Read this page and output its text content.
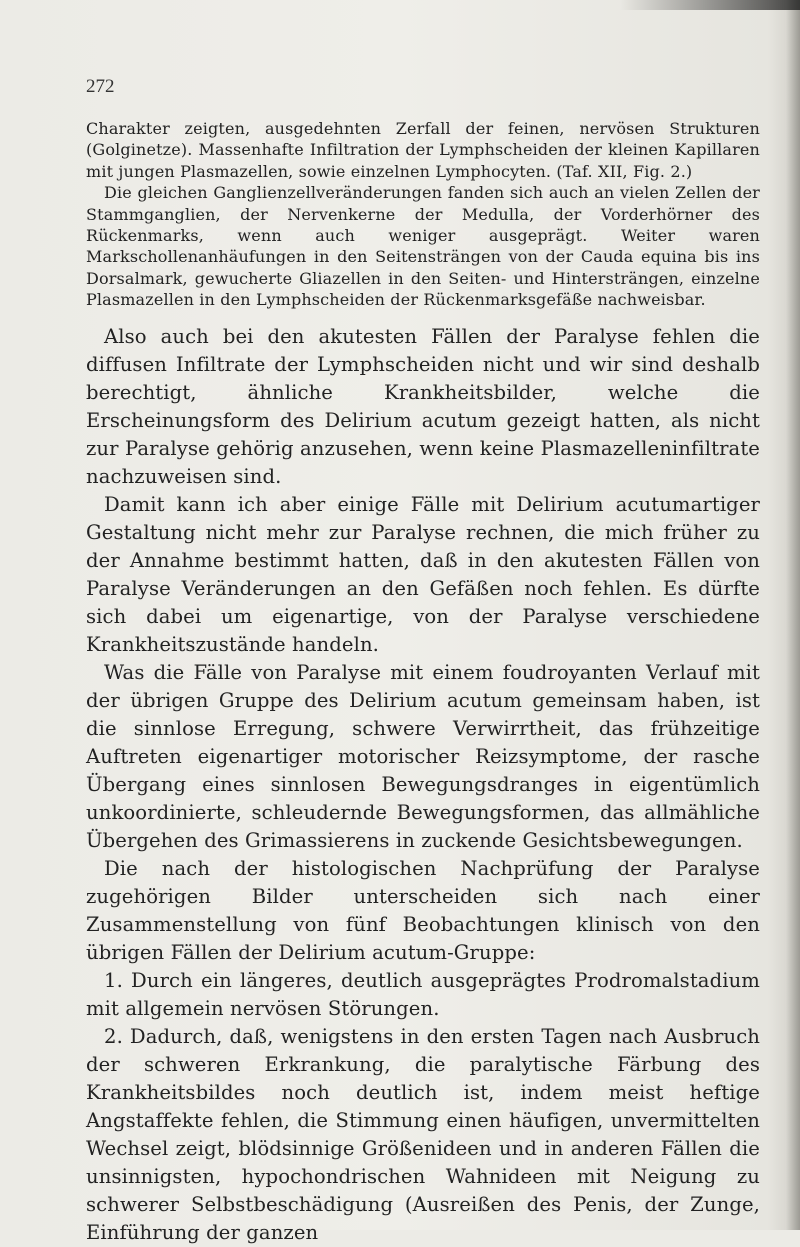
272

Charakter zeigten, ausgedehnten Zerfall der feinen, nervösen Strukturen (Golginetze). Massenhafte Infiltration der Lymphscheiden der kleinen Kapillaren mit jungen Plasmazellen, sowie einzelnen Lymphocyten. (Taf. XII, Fig. 2.)

Die gleichen Ganglienzellveränderungen fanden sich auch an vielen Zellen der Stammganglien, der Nervenkerne der Medulla, der Vorderhörner des Rückenmarks, wenn auch weniger ausgeprägt. Weiter waren Markschollenanhäufungen in den Seitensträngen von der Cauda equina bis ins Dorsalmark, gewucherte Gliazellen in den Seiten- und Hintersträngen, einzelne Plasmazellen in den Lymphscheiden der Rückenmarksgefäße nachweisbar.

Also auch bei den akutesten Fällen der Paralyse fehlen die diffusen Infiltrate der Lymphscheiden nicht und wir sind deshalb berechtigt, ähnliche Krankheitsbilder, welche die Erscheinungsform des Delirium acutum gezeigt hatten, als nicht zur Paralyse gehörig anzusehen, wenn keine Plasmazelleninfiltrate nachzuweisen sind.

Damit kann ich aber einige Fälle mit Delirium acutumartiger Gestaltung nicht mehr zur Paralyse rechnen, die mich früher zu der Annahme bestimmt hatten, daß in den akutesten Fällen von Paralyse Veränderungen an den Gefäßen noch fehlen. Es dürfte sich dabei um eigenartige, von der Paralyse verschiedene Krankheitszustände handeln.

Was die Fälle von Paralyse mit einem foudroyanten Verlauf mit der übrigen Gruppe des Delirium acutum gemeinsam haben, ist die sinnlose Erregung, schwere Verwirrtheit, das frühzeitige Auftreten eigenartiger motorischer Reizsymptome, der rasche Übergang eines sinnlosen Bewegungsdranges in eigentümlich unkoordinierte, schleudernde Bewegungsformen, das allmähliche Übergehen des Grimassierens in zuckende Gesichtsbewegungen.

Die nach der histologischen Nachprüfung der Paralyse zugehörigen Bilder unterscheiden sich nach einer Zusammenstellung von fünf Beobachtungen klinisch von den übrigen Fällen der Delirium acutum-Gruppe:

1. Durch ein längeres, deutlich ausgeprägtes Prodromalstadium mit allgemein nervösen Störungen.

2. Dadurch, daß, wenigstens in den ersten Tagen nach Ausbruch der schweren Erkrankung, die paralytische Färbung des Krankheitsbildes noch deutlich ist, indem meist heftige Angstaffekte fehlen, die Stimmung einen häufigen, unvermittelten Wechsel zeigt, blödsinnige Größenideen und in anderen Fällen die unsinnigsten, hypochondrischen Wahnideen mit Neigung zu schwerer Selbstbeschädigung (Ausreißen des Penis, der Zunge, Einführung der ganzen
